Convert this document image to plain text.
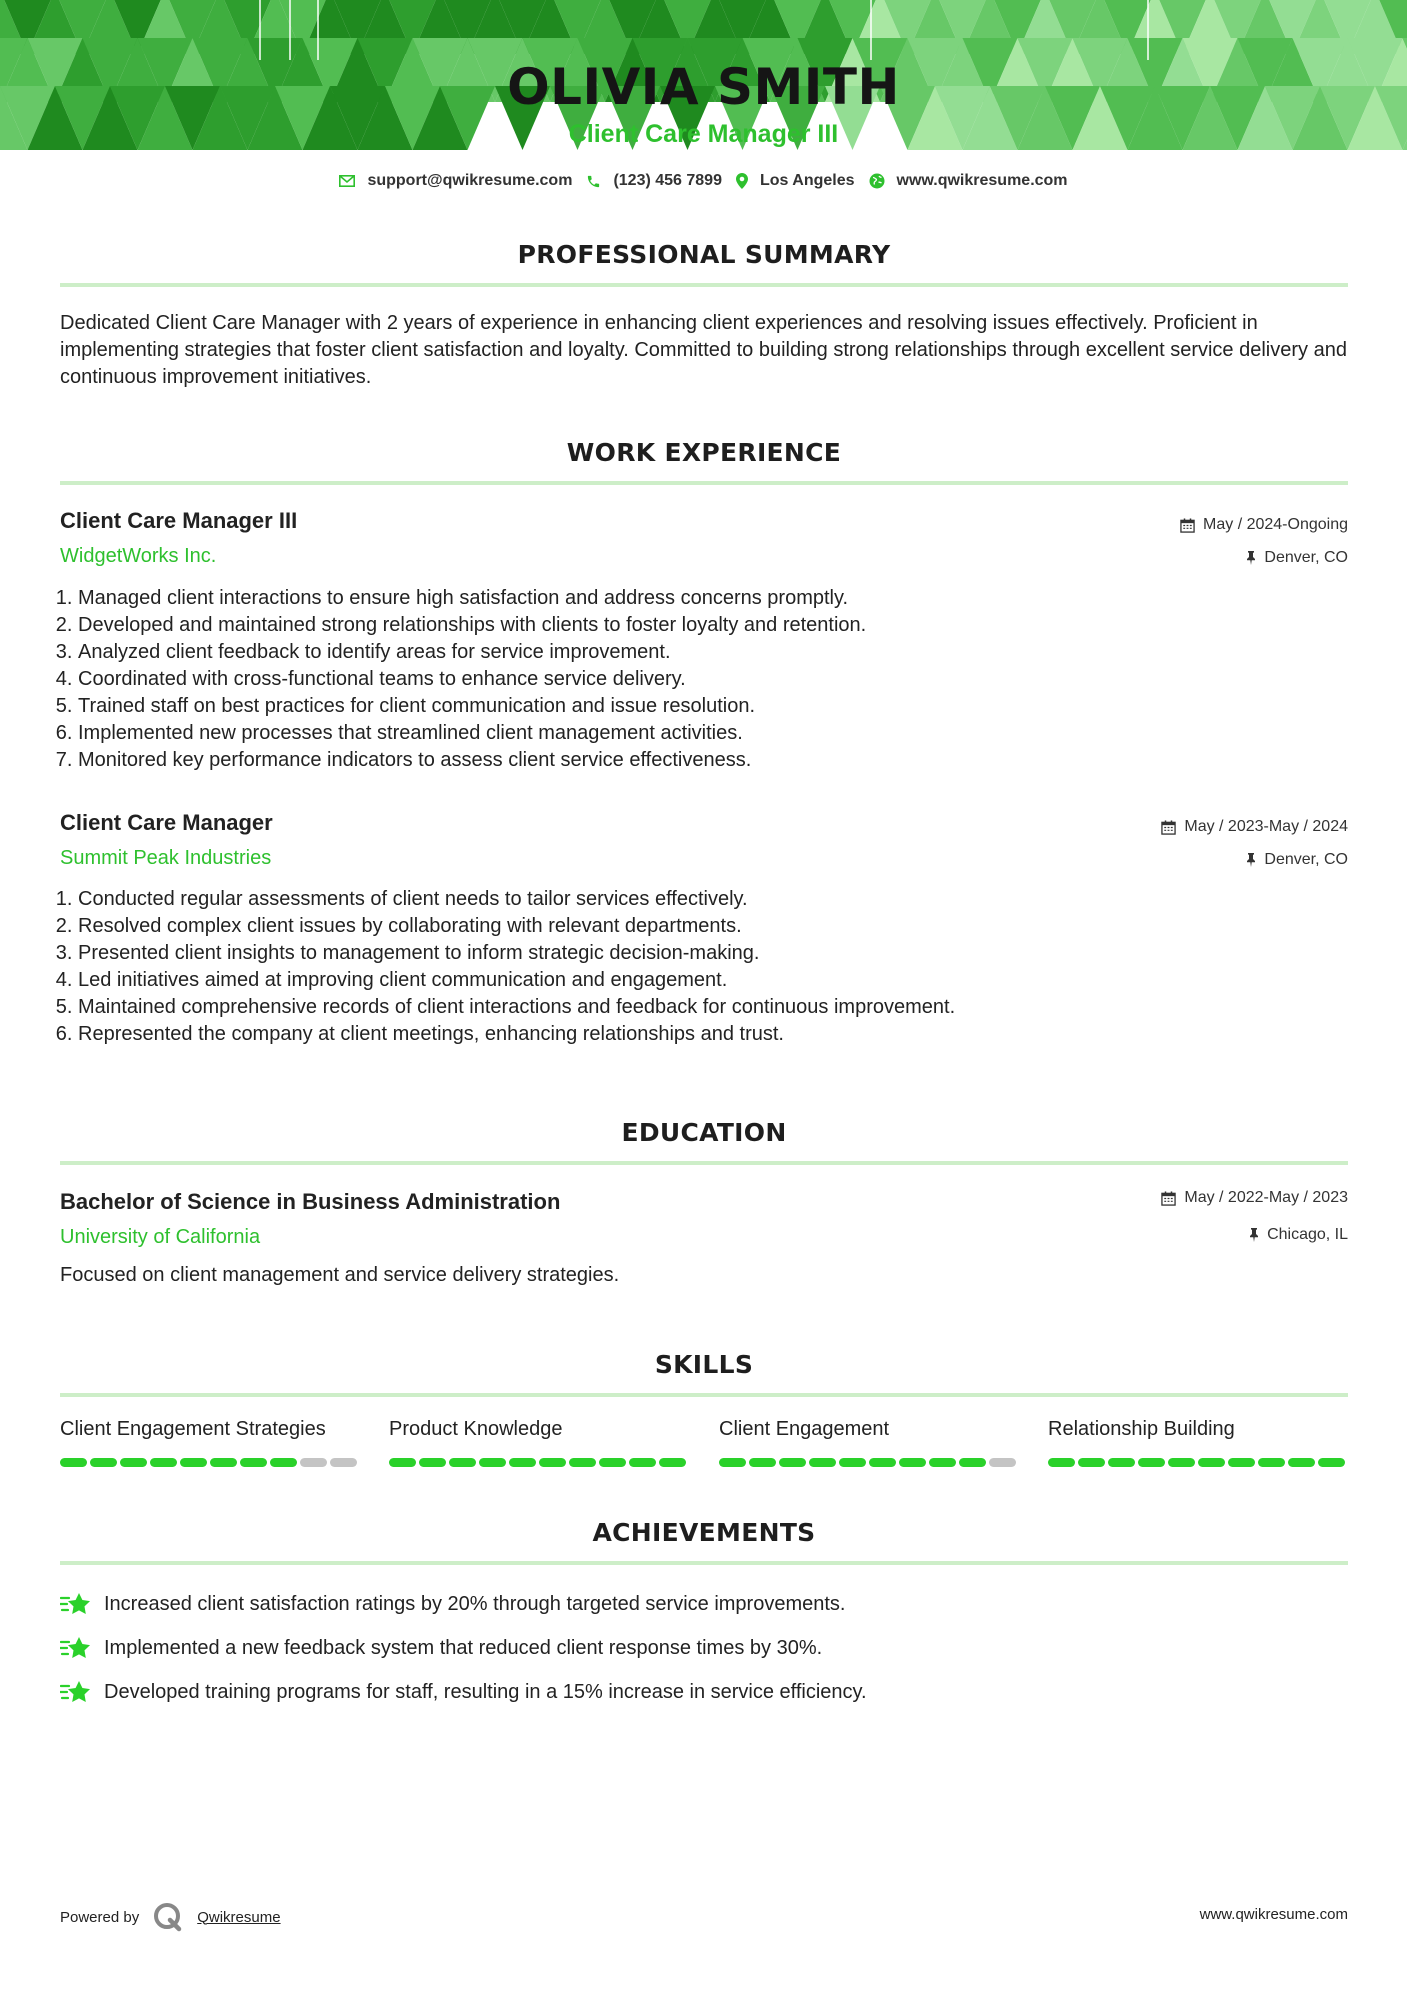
OLIVIA SMITH
Client Care Manager III
support@qwikresume.com	(123) 456 7899 Los Angeles	www.qwikresume.com
PROFESSIONAL SUMMARY
Dedicated Client Care Manager with 2 years of experience in enhancing client experiences and resolving issues effectively. Proficient in implementing strategies that foster client satisfaction and loyalty. Committed to building strong relationships through excellent service delivery and continuous improvement initiatives.
WORK EXPERIENCE
Client Care Manager III	May / 2024-Ongoing
WidgetWorks Inc.	Denver, CO
1. Managed client interactions to ensure high satisfaction and address concerns promptly.
2. Developed and maintained strong relationships with clients to foster loyalty and retention.
3. Analyzed client feedback to identify areas for service improvement.
4. Coordinated with cross-functional teams to enhance service delivery.
5. Trained staff on best practices for client communication and issue resolution.
6. Implemented new processes that streamlined client management activities.
7. Monitored key performance indicators to assess client service effectiveness.
Client Care Manager	May / 2023-May / 2024
Summit Peak Industries	Denver, CO
1. Conducted regular assessments of client needs to tailor services effectively.
2. Resolved complex client issues by collaborating with relevant departments.
3. Presented client insights to management to inform strategic decision-making.
4. Led initiatives aimed at improving client communication and engagement.
5. Maintained comprehensive records of client interactions and feedback for continuous improvement.
6. Represented the company at client meetings, enhancing relationships and trust.
EDUCATION
Bachelor of Science in Business Administration	May / 2022-May / 2023
University of California	Chicago, IL
Focused on client management and service delivery strategies.
SKILLS
Client Engagement Strategies	Product Knowledge	Client Engagement	Relationship Building
ACHIEVEMENTS
Increased client satisfaction ratings by 20% through targeted service improvements.
Implemented a new feedback system that reduced client response times by 30%.
Developed training programs for staff, resulting in a 15% increase in service efficiency.
Powered by	Qwikresume	www.qwikresume.com
